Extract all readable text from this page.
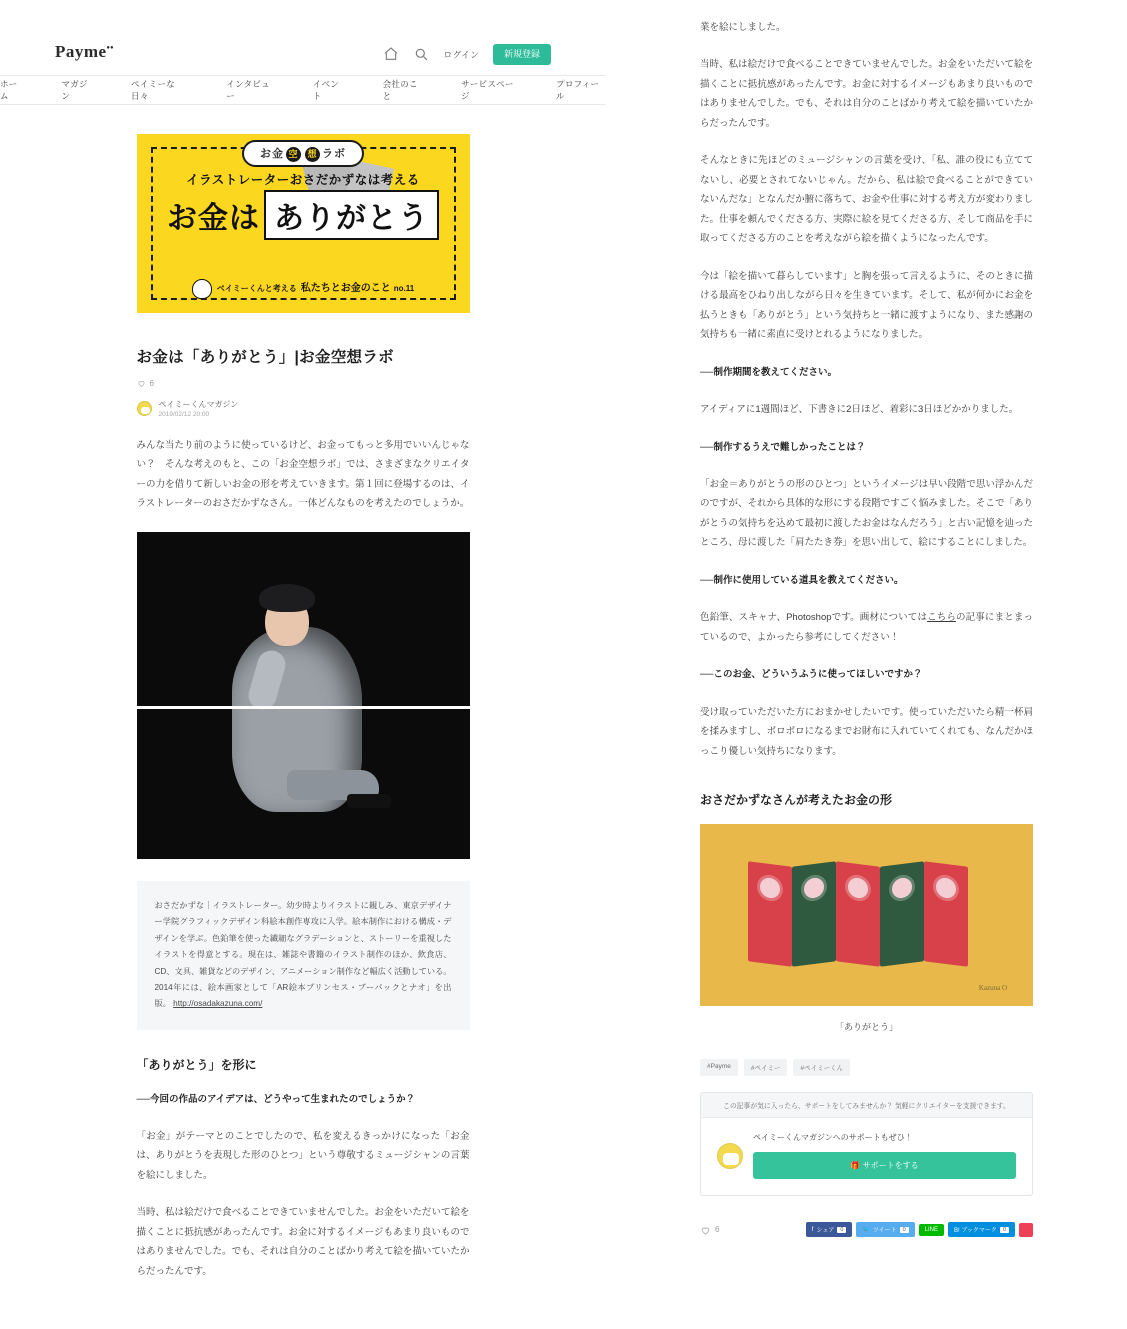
Payme••
ログイン	新規登録
ホーム
マガジン
ペイミーな日々
インタビュー
イベント
会社のこと
サービスページ
プロフィール
お金 空 想 ラボ
イラストレーターおさだかずなは考える
お金は ありがとう
ベイミーくんと考える 私たちとお金のこと no.11
お金は「ありがとう」|お金空想ラボ
6
ペイミーくんマガジン
2019/02/12 20:00

みんな当たり前のように使っているけど、お金ってもっと多用でいいんじゃない？　そんな考えのもと、この「お金空想ラボ」では、さまざまなクリエイターの力を借りて新しいお金の形を考えていきます。第１回に登場するのは、イラストレーターのおさだかずなさん。一体どんなものを考えたのでしょうか。

おさだかずな｜イラストレーター。幼少時よりイラストに親しみ、東京デザイナー学院グラフィックデザイン科絵本創作専攻に入学。絵本制作における構成・デザインを学ぶ。色鉛筆を使った繊細なグラデーションと、ストーリーを重視したイラストを得意とする。現在は、雑誌や書籍のイラスト制作のほか、飲食店、CD、文具、雑貨などのデザイン、アニメーション制作など幅広く活動している。2014年には、絵本画家として「AR絵本プリンセス・ブーパックとナオ」を出版。 http://osadakazuna.com/

「ありがとう」を形に

──今回の作品のアイデアは、どうやって生まれたのでしょうか？

「お金」がテーマとのことでしたので、私を変えるきっかけになった「お金は、ありがとうを表現した形のひとつ」という尊敬するミュージシャンの言葉を絵にしました。

当時、私は絵だけで食べることできていませんでした。お金をいただいて絵を描くことに抵抗感があったんです。お金に対するイメージもあまり良いものではありませんでした。でも、それは自分のことばかり考えて絵を描いていたからだったんです。

業を絵にしました。

当時、私は絵だけで食べることできていませんでした。お金をいただいて絵を描くことに抵抗感があったんです。お金に対するイメージもあまり良いものではありませんでした。でも、それは自分のことばかり考えて絵を描いていたからだったんです。

そんなときに先ほどのミュージシャンの言葉を受け、「私、誰の役にも立ててないし、必要とされてないじゃん。だから、私は絵で食べることができていないんだな」となんだか腑に落ちて、お金や仕事に対する考え方が変わりました。仕事を頼んでくださる方、実際に絵を見てくださる方、そして商品を手に取ってくださる方のことを考えながら絵を描くようになったんです。

今は「絵を描いて暮らしています」と胸を張って言えるように、そのときに描ける最高をひねり出しながら日々を生きています。そして、私が何かにお金を払うときも「ありがとう」という気持ちと一緒に渡すようになり、また感謝の気持ちも一緒に素直に受けとれるようになりました。

──制作期間を教えてください。

アイディアに1週間ほど、下書きに2日ほど、着彩に3日ほどかかりました。

──制作するうえで難しかったことは？

「お金＝ありがとうの形のひとつ」というイメージは早い段階で思い浮かんだのですが、それから具体的な形にする段階ですごく悩みました。そこで「ありがとうの気持ちを込めて最初に渡したお金はなんだろう」と古い記憶を辿ったところ、母に渡した「肩たたき券」を思い出して、絵にすることにしました。

──制作に使用している道具を教えてください。

色鉛筆、スキャナ、Photoshopです。画材についてはこちらの記事にまとまっているので、よかったら参考にしてください！

──このお金、どういうふうに使ってほしいですか？

受け取っていただいた方におまかせしたいです。使っていただいたら精一杯肩を揉みますし、ボロボロになるまでお財布に入れていてくれても、なんだかほっこり優しい気持ちになります。

おさだかずなさんが考えたお金の形
Kazuna O
「ありがとう」
#Payme	#ペイミー	#ペイミーくん
この記事が気に入ったら、サポートをしてみませんか？ 気軽にクリエイターを支援できます。
ペイミーくんマガジンへのサポートもぜひ！
🎁 サポートをする
6	f シェア	0	🐦 ツイート	0	LINE	B! ブックマーク	0
